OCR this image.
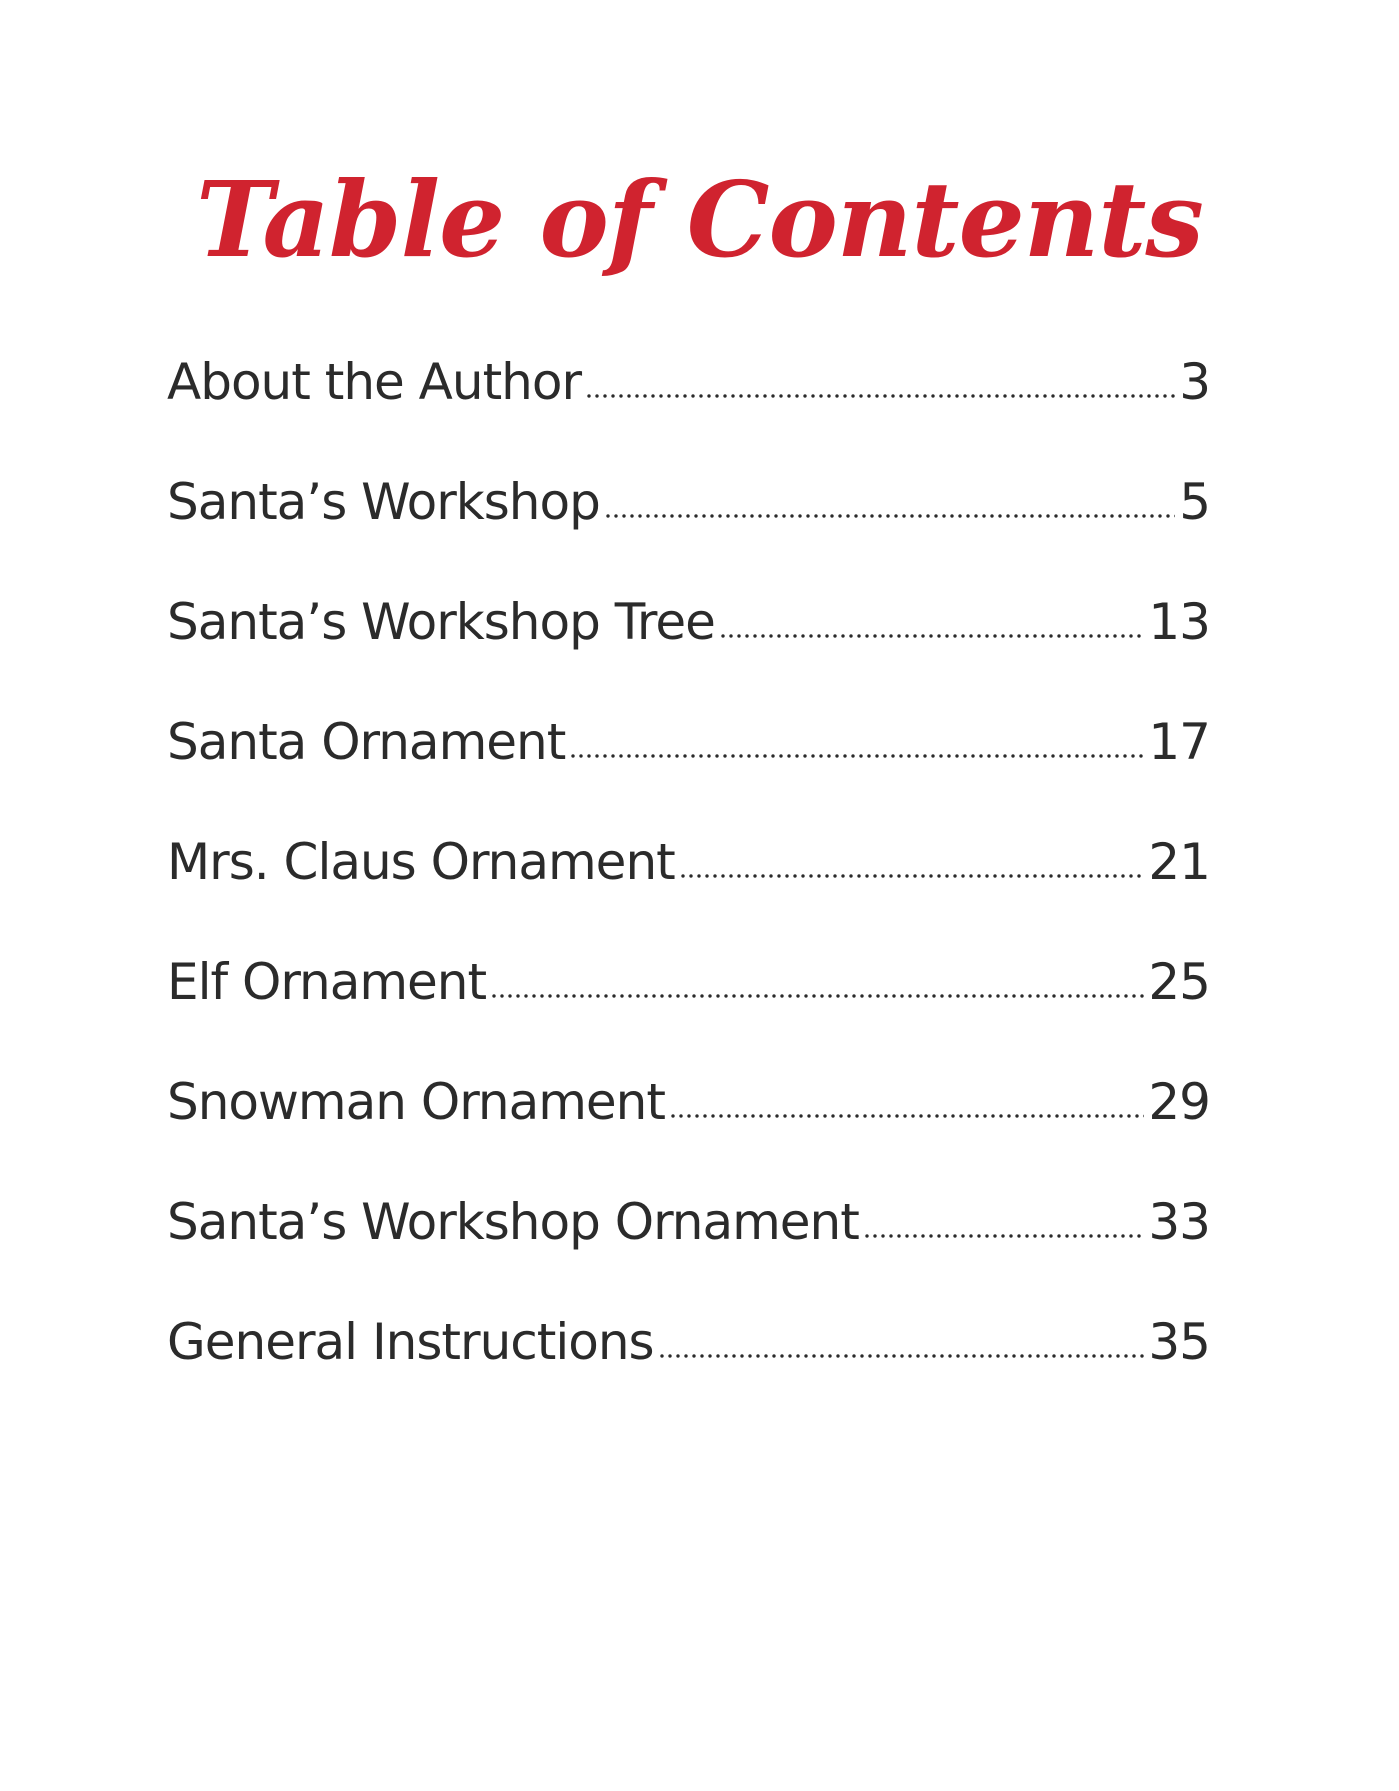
Table of Contents
About the Author	3
Santa’s Workshop	5
Santa’s Workshop Tree	13
Santa Ornament	17
Mrs. Claus Ornament	21
Elf Ornament	25
Snowman Ornament	29
Santa’s Workshop Ornament	33
General Instructions	35
